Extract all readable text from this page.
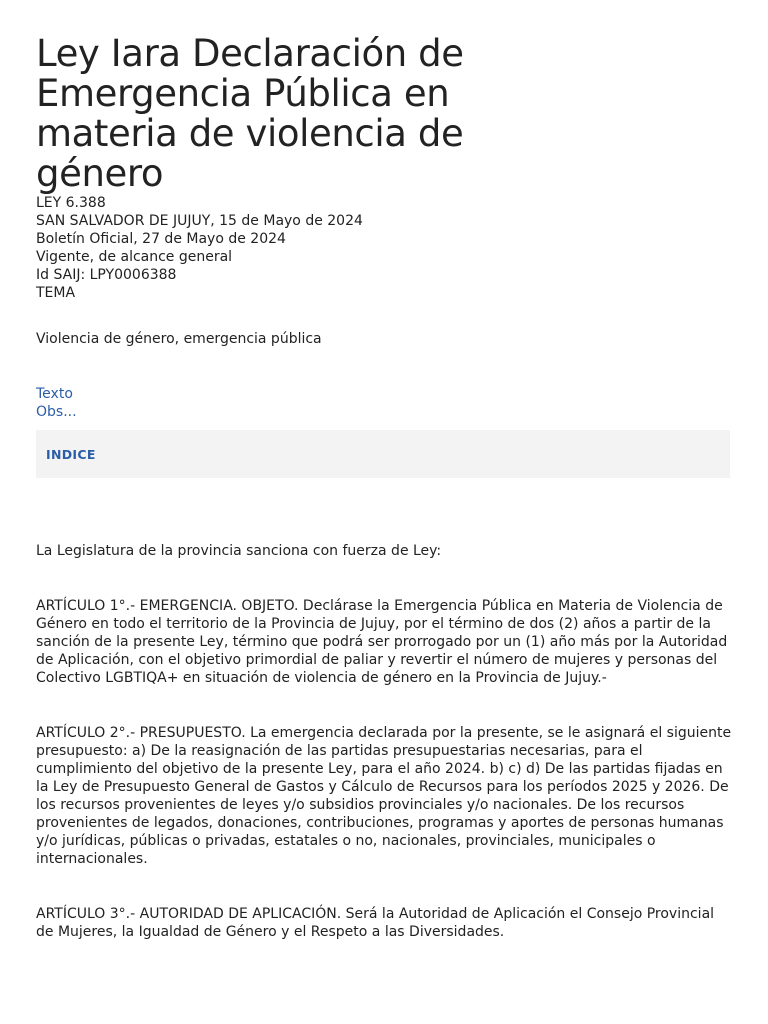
Ley Iara Declaración de Emergencia Pública en materia de violencia de género
LEY 6.388
SAN SALVADOR DE JUJUY, 15 de Mayo de 2024
Boletín Oficial, 27 de Mayo de 2024
Vigente, de alcance general
Id SAIJ: LPY0006388
TEMA
Violencia de género, emergencia pública
Texto
Obs...
INDICE

La Legislatura de la provincia sanciona con fuerza de Ley:

ARTÍCULO 1°.- EMERGENCIA. OBJETO. Declárase la Emergencia Pública en Materia de Violencia de Género en todo el territorio de la Provincia de Jujuy, por el término de dos (2) años a partir de la sanción de la presente Ley, término que podrá ser prorrogado por un (1) año más por la Autoridad de Aplicación, con el objetivo primordial de paliar y revertir el número de mujeres y personas del Colectivo LGBTIQA+ en situación de violencia de género en la Provincia de Jujuy.-

ARTÍCULO 2°.- PRESUPUESTO. La emergencia declarada por la presente, se le asignará el siguiente presupuesto: a) De la reasignación de las partidas presupuestarias necesarias, para el cumplimiento del objetivo de la presente Ley, para el año 2024. b) c) d) De las partidas fijadas en la Ley de Presupuesto General de Gastos y Cálculo de Recursos para los períodos 2025 y 2026. De los recursos provenientes de leyes y/o subsidios provinciales y/o nacionales. De los recursos provenientes de legados, donaciones, contribuciones, programas y aportes de personas humanas y/o jurídicas, públicas o privadas, estatales o no, nacionales, provinciales, municipales o internacionales.

ARTÍCULO 3°.- AUTORIDAD DE APLICACIÓN. Será la Autoridad de Aplicación el Consejo Provincial de Mujeres, la Igualdad de Género y el Respeto a las Diversidades.
